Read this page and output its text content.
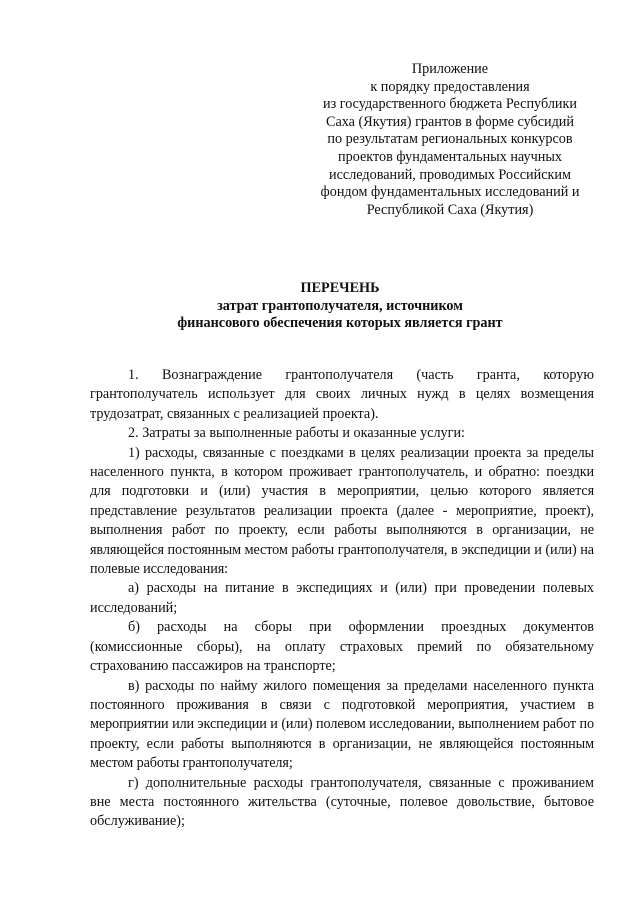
Приложение
к порядку предоставления
из государственного бюджета Республики
Саха (Якутия) грантов в форме субсидий
по результатам региональных конкурсов
проектов фундаментальных научных
исследований, проводимых Российским
фондом фундаментальных исследований и
Республикой Саха (Якутия)
ПЕРЕЧЕНЬ
затрат грантополучателя, источником
финансового обеспечения которых является грант

1. Вознаграждение грантополучателя (часть гранта, которую грантополучатель использует для своих личных нужд в целях возмещения трудозатрат, связанных с реализацией проекта).

2. Затраты за выполненные работы и оказанные услуги:

1) расходы, связанные с поездками в целях реализации проекта за пределы населенного пункта, в котором проживает грантополучатель, и обратно: поездки для подготовки и (или) участия в мероприятии, целью которого является представление результатов реализации проекта (далее - мероприятие, проект), выполнения работ по проекту, если работы выполняются в организации, не являющейся постоянным местом работы грантополучателя, в экспедиции и (или) на полевые исследования:

а) расходы на питание в экспедициях и (или) при проведении полевых исследований;

б) расходы на сборы при оформлении проездных документов (комиссионные сборы), на оплату страховых премий по обязательному страхованию пассажиров на транспорте;

в) расходы по найму жилого помещения за пределами населенного пункта постоянного проживания в связи с подготовкой мероприятия, участием в мероприятии или экспедиции и (или) полевом исследовании, выполнением работ по проекту, если работы выполняются в организации, не являющейся постоянным местом работы грантополучателя;

г) дополнительные расходы грантополучателя, связанные с проживанием вне места постоянного жительства (суточные, полевое довольствие, бытовое обслуживание);
